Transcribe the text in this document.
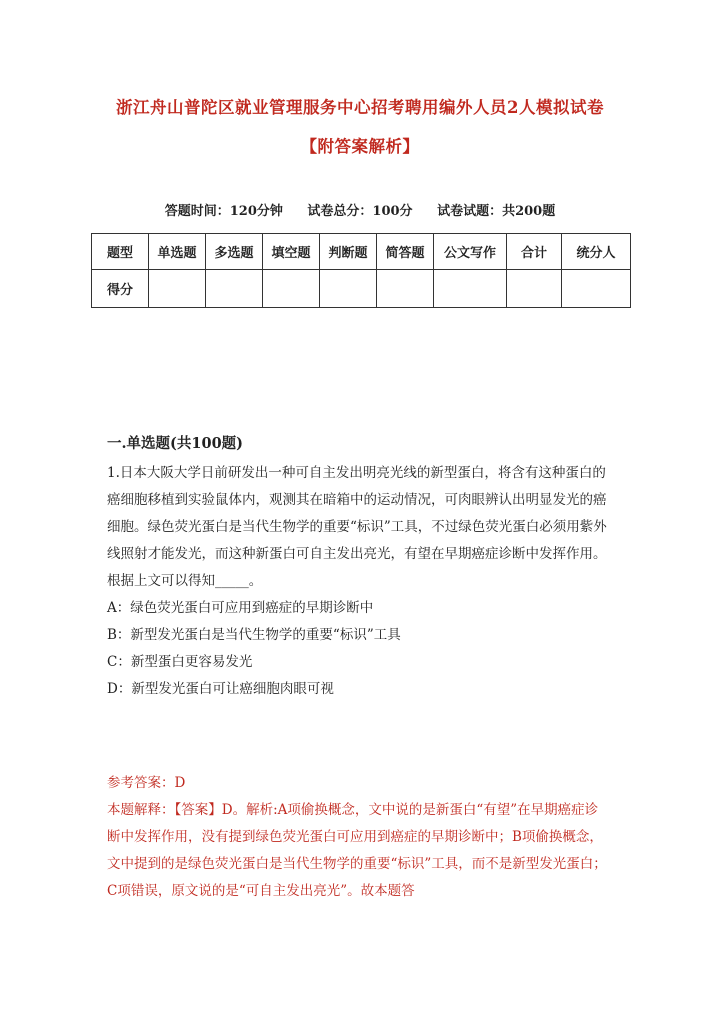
浙江舟山普陀区就业管理服务中心招考聘用编外人员2人模拟试卷
【附答案解析】
答题时间：120分钟 试卷总分：100分 试卷试题：共200题
题型	单选题	多选题	填空题	判断题	简答题	公文写作	合计	统分人
得分								
一.单选题(共100题)

1.日本大阪大学日前研发出一种可自主发出明亮光线的新型蛋白，将含有这种蛋白的癌细胞移植到实验鼠体内，观测其在暗箱中的运动情况，可肉眼辨认出明显发光的癌细胞。绿色荧光蛋白是当代生物学的重要“标识”工具，不过绿色荧光蛋白必须用紫外线照射才能发光，而这种新蛋白可自主发出亮光，有望在早期癌症诊断中发挥作用。

根据上文可以得知_____。

A：绿色荧光蛋白可应用到癌症的早期诊断中

B：新型发光蛋白是当代生物学的重要“标识”工具

C：新型蛋白更容易发光

D：新型发光蛋白可让癌细胞肉眼可视

参考答案：D

本题解释：【答案】D。解析:A项偷换概念，文中说的是新蛋白“有望”在早期癌症诊断中发挥作用，没有提到绿色荧光蛋白可应用到癌症的早期诊断中；B项偷换概念，文中提到的是绿色荧光蛋白是当代生物学的重要“标识”工具，而不是新型发光蛋白；C项错误，原文说的是“可自主发出亮光”。故本题答
